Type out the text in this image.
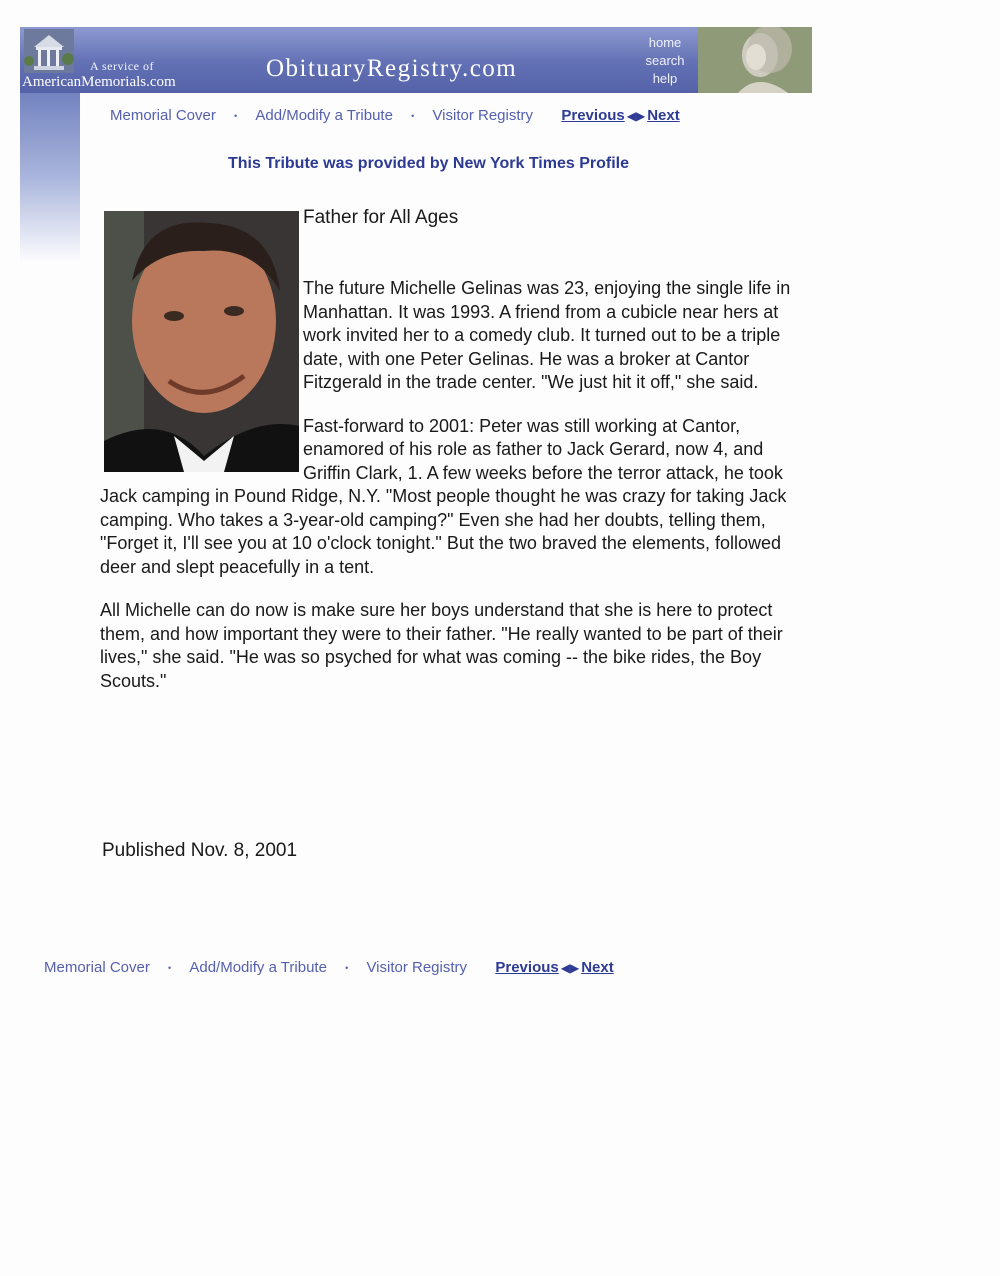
A service of
AmericanMemorials.com	ObituaryRegistry.com
home
search
help
Memorial Cover • Add/Modify a Tribute • Visitor Registry Previous ◀▶ Next
This Tribute was provided by New York Times Profile
Father for All Ages

The future Michelle Gelinas was 23, enjoying the single life in Manhattan. It was 1993. A friend from a cubicle near hers at work invited her to a comedy club. It turned out to be a triple date, with one Peter Gelinas. He was a broker at Cantor Fitzgerald in the trade center. "We just hit it off," she said.

Fast-forward to 2001: Peter was still working at Cantor, enamored of his role as father to Jack Gerard, now 4, and Griffin Clark, 1. A few weeks before the terror attack, he took Jack camping in Pound Ridge, N.Y. "Most people thought he was crazy for taking Jack camping. Who takes a 3-year-old camping?" Even she had her doubts, telling them, "Forget it, I'll see you at 10 o'clock tonight." But the two braved the elements, followed deer and slept peacefully in a tent.

All Michelle can do now is make sure her boys understand that she is here to protect them, and how important they were to their father. "He really wanted to be part of their lives," she said. "He was so psyched for what was coming -- the bike rides, the Boy Scouts."

Published Nov. 8, 2001
Memorial Cover • Add/Modify a Tribute • Visitor Registry Previous ◀▶ Next
